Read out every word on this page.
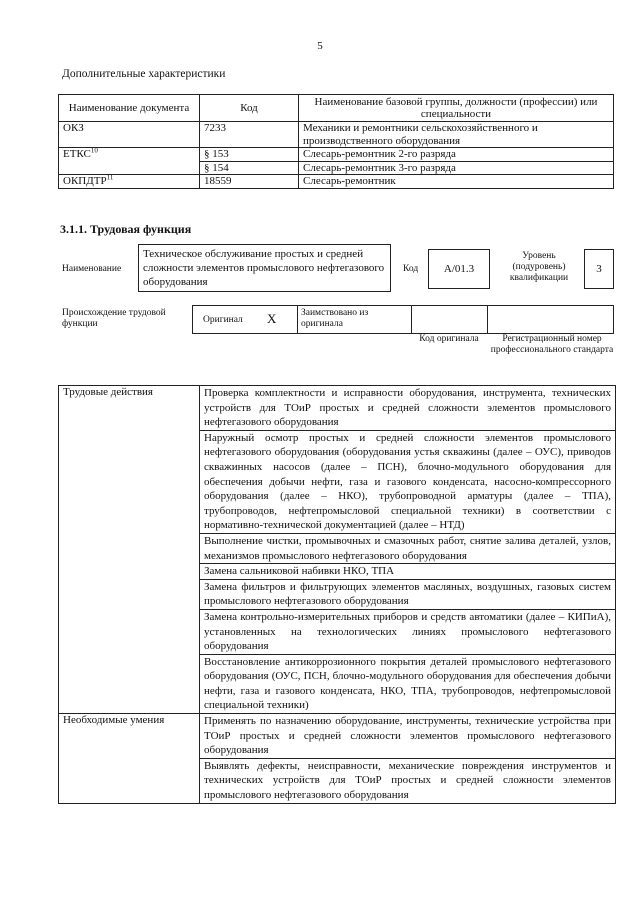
5
Дополнительные характеристики
Наименование документа	Код	Наименование базовой группы, должности (профессии) или специальности
ОКЗ	7233	Механики и ремонтники сельскохозяйственного и производственного оборудования
ЕТКС$^{10}$	§ 153	Слесарь-ремонтник 2-го разряда
	§ 154	Слесарь-ремонтник 3-го разряда
ОКПДТР$^{11}$	18559	Слесарь-ремонтник
3.1.1. Трудовая функция
Наименование
Техническое обслуживание простых и средней сложности элементов промыслового нефтегазового оборудования
Код	A/01.3
Уровень (подуровень) квалификации
3
Происхождение трудовой функции	Оригинал X	Заимствовано из оригинала
Код оригинала	Регистрационный номер профессионального стандарта
Трудовые действия	Проверка комплектности и исправности оборудования, инструмента, технических устройств для ТОиР простых и средней сложности элементов промыслового нефтегазового оборудования
	Наружный осмотр простых и средней сложности элементов промыслового нефтегазового оборудования (оборудования устья скважины (далее – ОУС), приводов скважинных насосов (далее – ПСН), блочно-модульного оборудования для обеспечения добычи нефти, газа и газового конденсата, насосно-компрессорного оборудования (далее – НКО), трубопроводной арматуры (далее – ТПА), трубопроводов, нефтепромысловой специальной техники) в соответствии с нормативно-технической документацией (далее – НТД)
	Выполнение чистки, промывочных и смазочных работ, снятие залива деталей, узлов, механизмов промыслового нефтегазового оборудования
	Замена сальниковой набивки НКО, ТПА
	Замена фильтров и фильтрующих элементов масляных, воздушных, газовых систем промыслового нефтегазового оборудования
	Замена контрольно-измерительных приборов и средств автоматики (далее – КИПиА), установленных на технологических линиях промыслового нефтегазового оборудования
	Восстановление антикоррозионного покрытия деталей промыслового нефтегазового оборудования (ОУС, ПСН, блочно-модульного оборудования для обеспечения добычи нефти, газа и газового конденсата, НКО, ТПА, трубопроводов, нефтепромысловой специальной техники)
Необходимые умения	Применять по назначению оборудование, инструменты, технические устройства при ТОиР простых и средней сложности элементов промыслового нефтегазового оборудования
	Выявлять дефекты, неисправности, механические повреждения инструментов и технических устройств для ТОиР простых и средней сложности элементов промыслового нефтегазового оборудования
